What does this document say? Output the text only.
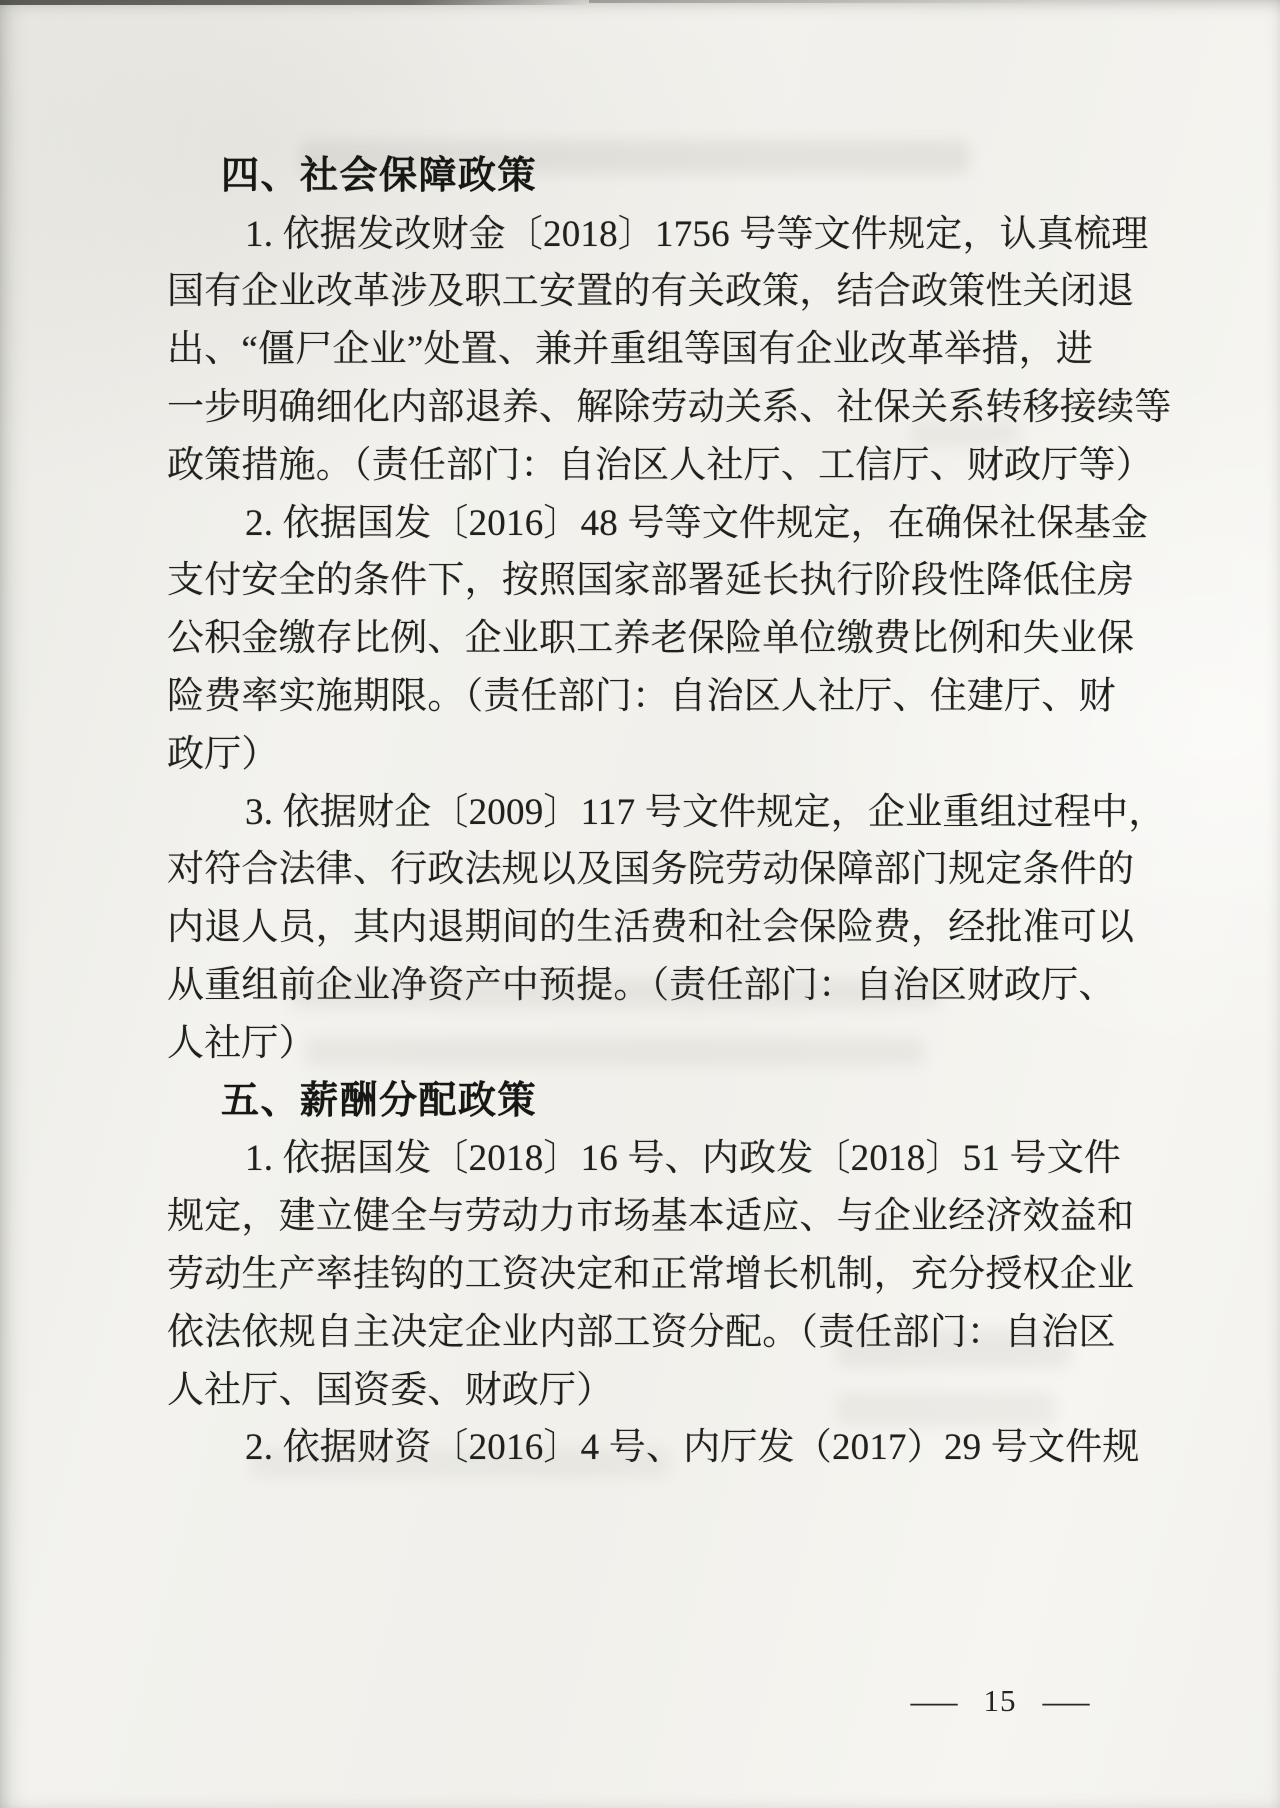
四、社会保障政策
1. 依据发改财金〔2018〕1756 号等文件规定，认真梳理
国有企业改革涉及职工安置的有关政策，结合政策性关闭退
出、“僵尸企业”处置、兼并重组等国有企业改革举措，进
一步明确细化内部退养、解除劳动关系、社保关系转移接续等
政策措施。（责任部门：自治区人社厅、工信厅、财政厅等）
2. 依据国发〔2016〕48 号等文件规定，在确保社保基金
支付安全的条件下，按照国家部署延长执行阶段性降低住房
公积金缴存比例、企业职工养老保险单位缴费比例和失业保
险费率实施期限。（责任部门：自治区人社厅、住建厅、财
政厅）
3. 依据财企〔2009〕117 号文件规定，企业重组过程中，
对符合法律、行政法规以及国务院劳动保障部门规定条件的
内退人员，其内退期间的生活费和社会保险费，经批准可以
从重组前企业净资产中预提。（责任部门：自治区财政厅、
人社厅）
五、薪酬分配政策
1. 依据国发〔2018〕16 号、内政发〔2018〕51 号文件
规定，建立健全与劳动力市场基本适应、与企业经济效益和
劳动生产率挂钩的工资决定和正常增长机制，充分授权企业
依法依规自主决定企业内部工资分配。（责任部门：自治区
人社厅、国资委、财政厅）
2. 依据财资〔2016〕4 号、内厅发（2017）29 号文件规
— 15 —
